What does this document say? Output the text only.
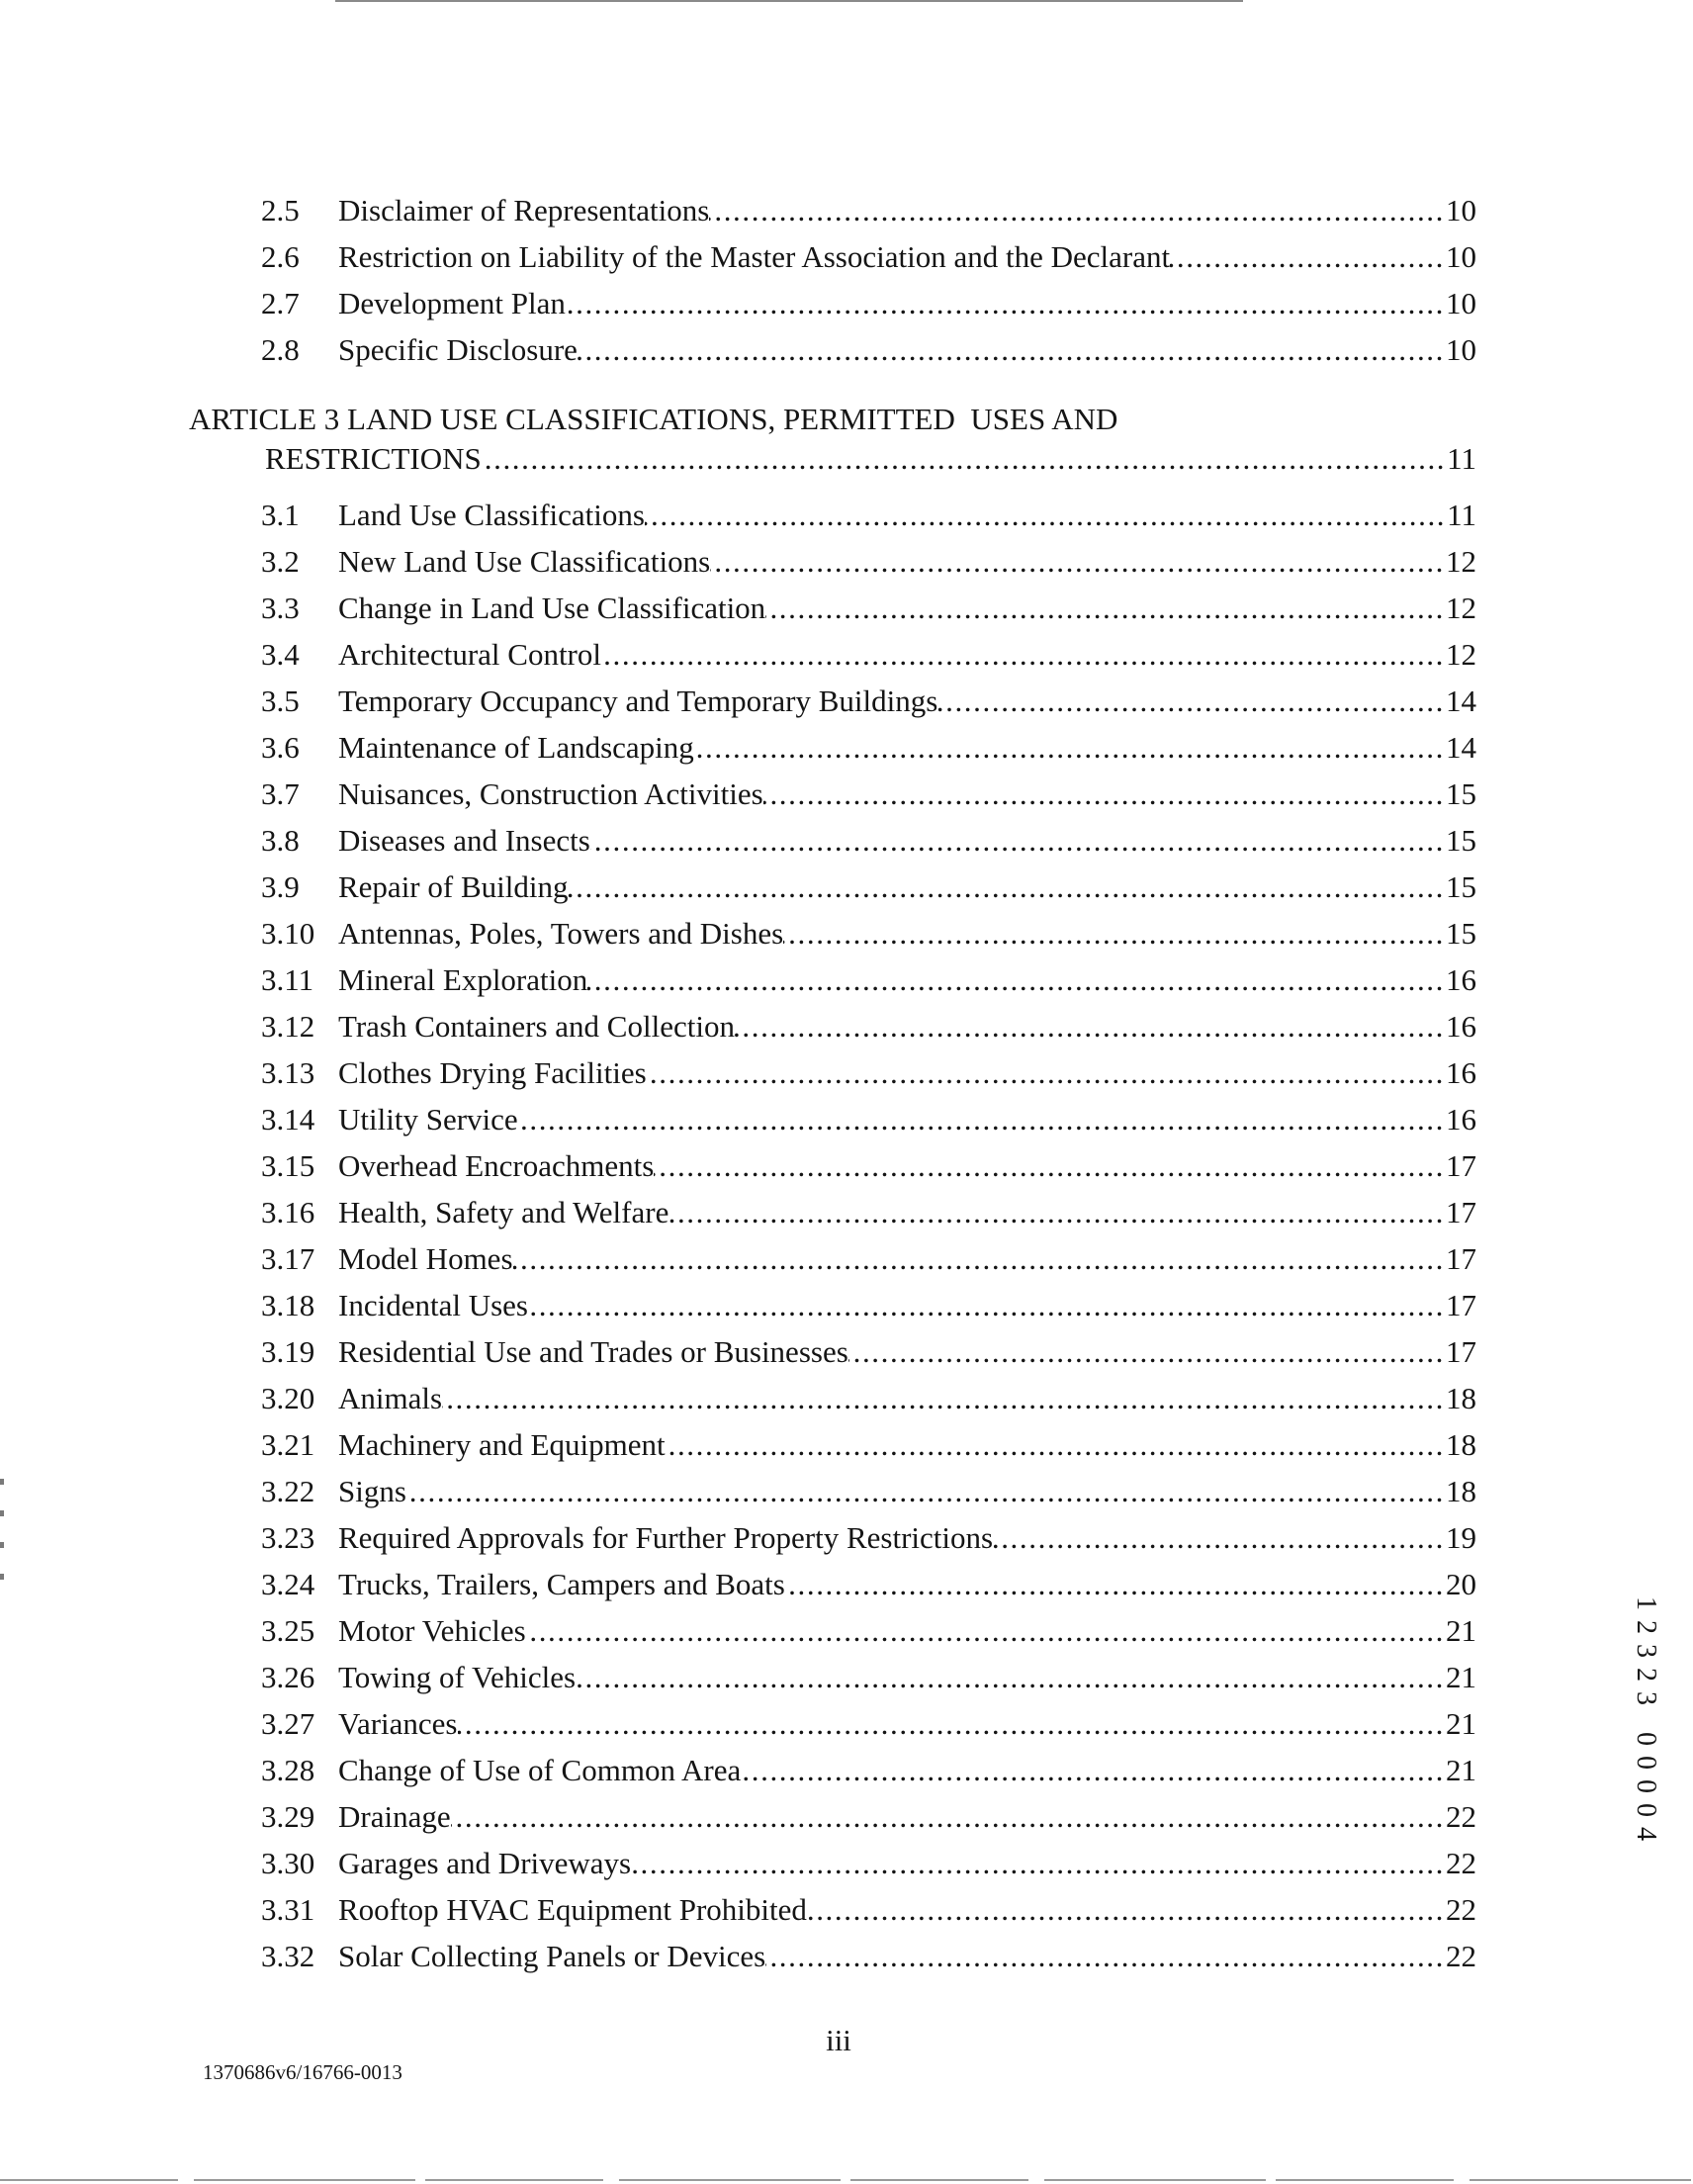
2.5	Disclaimer of Representations .....	10
2.6	Restriction on Liability of the Master Association and the Declarant .....	10
2.7	Development Plan .....	10
2.8	Specific Disclosure .....	10
ARTICLE 3 LAND USE CLASSIFICATIONS, PERMITTED  USES AND
RESTRICTIONS .....	11
3.1	Land Use Classifications .....	11
3.2	New Land Use Classifications .....	12
3.3	Change in Land Use Classification .....	12
3.4	Architectural Control .....	12
3.5	Temporary Occupancy and Temporary Buildings .....	14
3.6	Maintenance of Landscaping .....	14
3.7	Nuisances, Construction Activities .....	15
3.8	Diseases and Insects .....	15
3.9	Repair of Building .....	15
3.10 Antennas, Poles, Towers and Dishes .....	15
3.11 Mineral Exploration .....	16
3.12 Trash Containers and Collection .....	16
3.13 Clothes Drying Facilities .....	16
3.14 Utility Service .....	16
3.15 Overhead Encroachments .....	17
3.16 Health, Safety and Welfare .....	17
3.17 Model Homes .....	17
3.18 Incidental Uses .....	17
3.19 Residential Use and Trades or Businesses .....	17
3.20 Animals .....	18
3.21 Machinery and Equipment .....	18
3.22 Signs .....	18
3.23 Required Approvals for Further Property Restrictions .....	19
3.24 Trucks, Trailers, Campers and Boats .....	20
3.25 Motor Vehicles .....	21
3.26 Towing of Vehicles .....	21
3.27 Variances .....	21
3.28 Change of Use of Common Area .....	21
3.29 Drainage .....	22
3.30 Garages and Driveways .....	22
3.31 Rooftop HVAC Equipment Prohibited .....	22
3.32 Solar Collecting Panels or Devices .....	22
iii
1370686v6/16766-0013
12323 00004
